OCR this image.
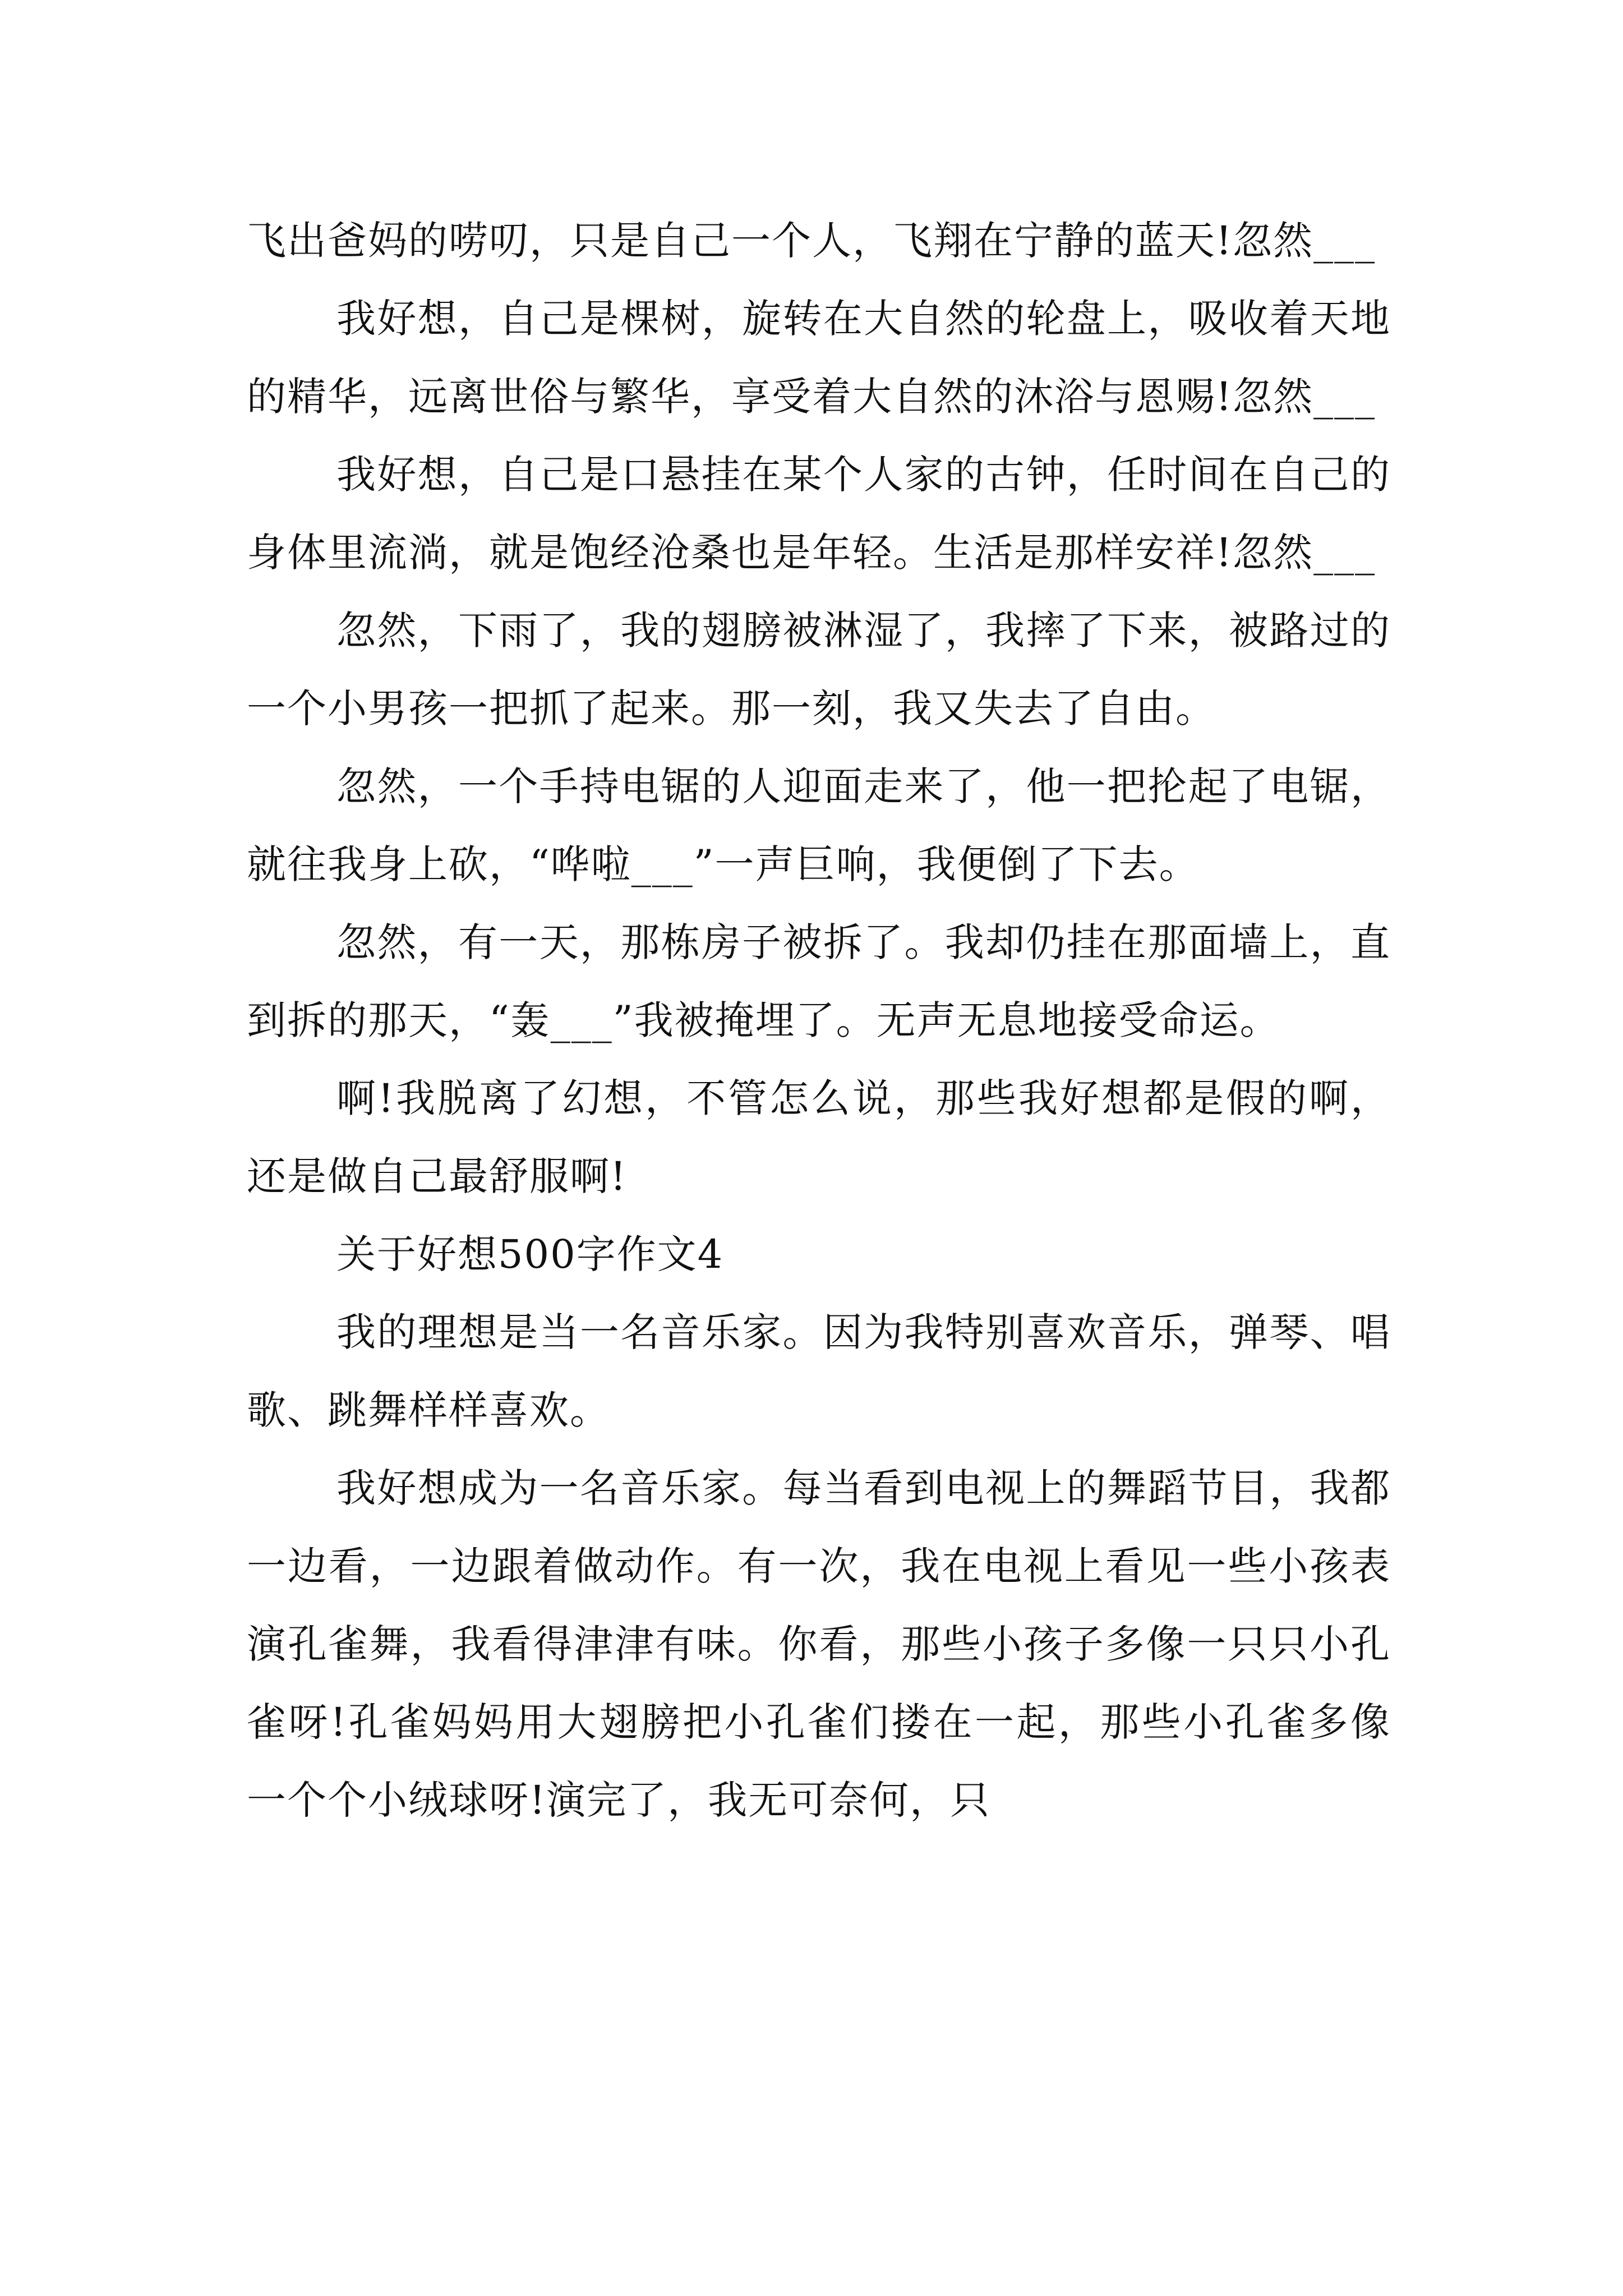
飞出爸妈的唠叨，只是自己一个人，飞翔在宁静的蓝天!忽然___

我好想，自己是棵树，旋转在大自然的轮盘上，吸收着天地的精华，远离世俗与繁华，享受着大自然的沐浴与恩赐!忽然___

我好想，自己是口悬挂在某个人家的古钟，任时间在自己的身体里流淌，就是饱经沧桑也是年轻。生活是那样安祥!忽然___

忽然，下雨了，我的翅膀被淋湿了，我摔了下来，被路过的一个小男孩一把抓了起来。那一刻，我又失去了自由。

忽然，一个手持电锯的人迎面走来了，他一把抡起了电锯，就往我身上砍，“哗啦___”一声巨响，我便倒了下去。

忽然，有一天，那栋房子被拆了。我却仍挂在那面墙上，直到拆的那天，“轰___”我被掩埋了。无声无息地接受命运。

啊!我脱离了幻想，不管怎么说，那些我好想都是假的啊，还是做自己最舒服啊!

关于好想500字作文4

我的理想是当一名音乐家。因为我特别喜欢音乐，弹琴、唱歌、跳舞样样喜欢。

我好想成为一名音乐家。每当看到电视上的舞蹈节目，我都一边看，一边跟着做动作。有一次，我在电视上看见一些小孩表演孔雀舞，我看得津津有味。你看，那些小孩子多像一只只小孔雀呀!孔雀妈妈用大翅膀把小孔雀们搂在一起，那些小孔雀多像一个个小绒球呀!演完了，我无可奈何，只
